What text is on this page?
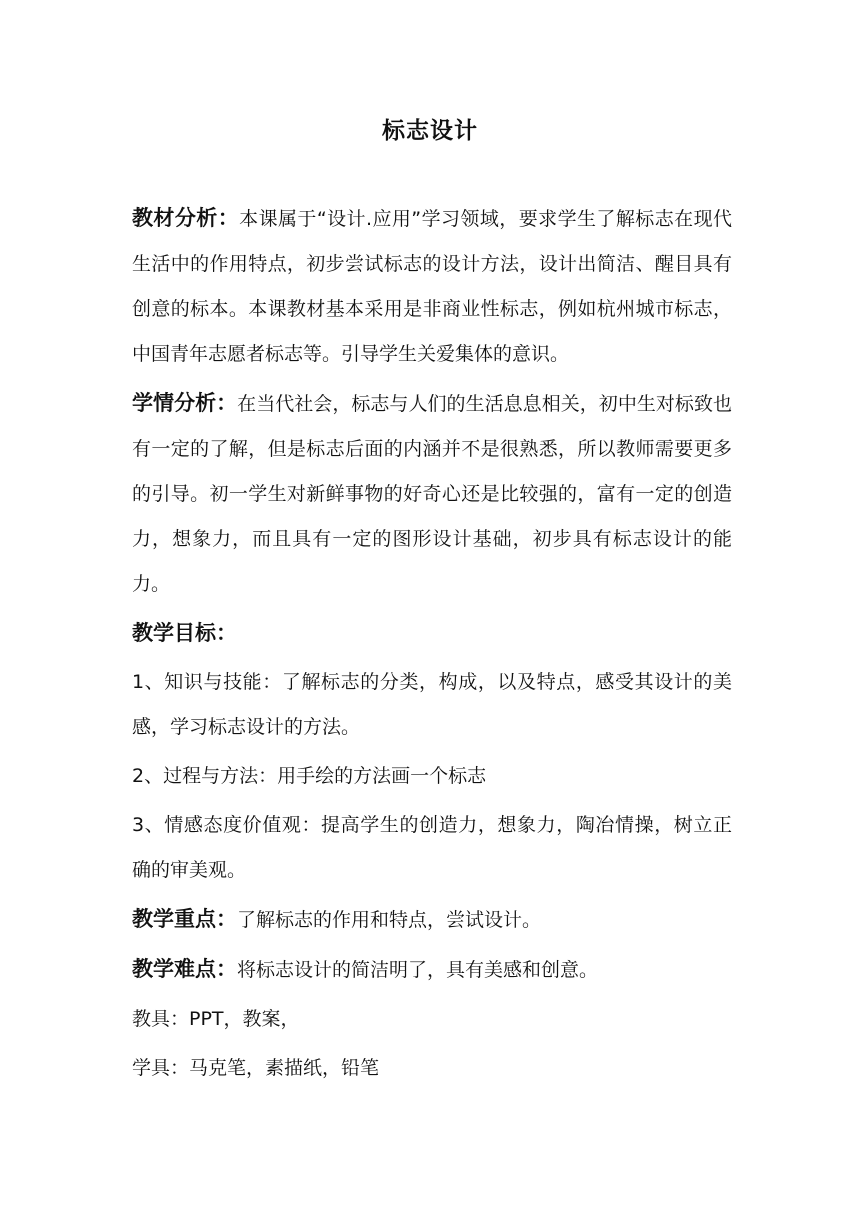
标志设计

教材分析：本课属于“设计.应用”学习领域，要求学生了解标志在现代生活中的作用特点，初步尝试标志的设计方法，设计出简洁、醒目具有创意的标本。本课教材基本采用是非商业性标志，例如杭州城市标志，中国青年志愿者标志等。引导学生关爱集体的意识。

学情分析：在当代社会，标志与人们的生活息息相关，初中生对标致也有一定的了解，但是标志后面的内涵并不是很熟悉，所以教师需要更多的引导。初一学生对新鲜事物的好奇心还是比较强的，富有一定的创造力，想象力，而且具有一定的图形设计基础，初步具有标志设计的能力。

教学目标：

1、知识与技能：了解标志的分类，构成，以及特点，感受其设计的美感，学习标志设计的方法。

2、过程与方法：用手绘的方法画一个标志

3、情感态度价值观：提高学生的创造力，想象力，陶冶情操，树立正确的审美观。

教学重点：了解标志的作用和特点，尝试设计。

教学难点：将标志设计的简洁明了，具有美感和创意。

教具：PPT，教案，

学具：马克笔，素描纸，铅笔
